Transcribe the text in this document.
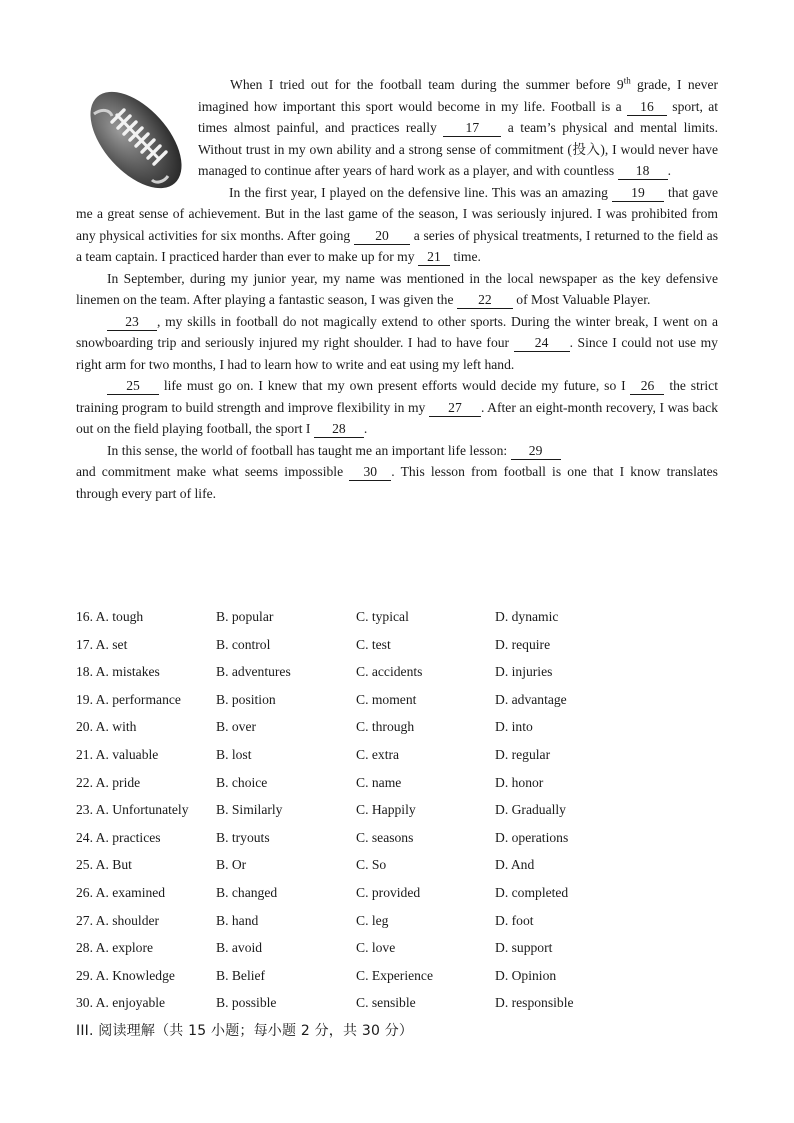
When I tried out for the football team during the summer before 9th grade, I never imagined how important this sport would become in my life. Football is a 16 sport, at times almost painful, and practices really 17 a team’s physical and mental limits. Without trust in my own ability and a strong sense of commitment (投入), I would never have managed to continue after years of hard work as a player, and with countless 18 .

In the first year, I played on the defensive line. This was an amazing 19 that gave me a great sense of achievement. But in the last game of the season, I was seriously injured. I was prohibited from any physical activities for six months. After going 20 a series of physical treatments, I returned to the field as a team captain. I practiced harder than ever to make up for my 21 time.

In September, during my junior year, my name was mentioned in the local newspaper as the key defensive linemen on the team. After playing a fantastic season, I was given the 22 of Most Valuable Player.

23 , my skills in football do not magically extend to other sports. During the winter break, I went on a snowboarding trip and seriously injured my right shoulder. I had to have four 24 . Since I could not use my right arm for two months, I had to learn how to write and eat using my left hand.

25 life must go on. I knew that my own present efforts would decide my future, so I 26 the strict training program to build strength and improve flexibility in my 27 . After an eight-month recovery, I was back out on the field playing football, the sport I 28 .

In this sense, the world of football has taught me an important life lesson: 29

and commitment make what seems impossible 30 . This lesson from football is one that I know translates through every part of life.

16. A. tough	B. popular	C. typical	D. dynamic
17. A. set	B. control	C. test	D. require
18. A. mistakes	B. adventures	C. accidents	D. injuries
19. A. performance	B. position	C. moment	D. advantage
20. A. with	B. over	C. through	D. into
21. A. valuable	B. lost	C. extra	D. regular
22. A. pride	B. choice	C. name	D. honor
23. A. Unfortunately B. Similarly	C. Happily	D. Gradually
24. A. practices	B. tryouts	C. seasons	D. operations
25. A. But	B. Or	C. So	D. And
26. A. examined	B. changed	C. provided	D. completed
27. A. shoulder	B. hand	C. leg	D. foot
28. A. explore	B. avoid	C. love	D. support
29. A. Knowledge	B. Belief	C. Experience	D. Opinion
30. A. enjoyable	B. possible	C. sensible	D. responsible
III. 阅读理解（共 15 小题；每小题 2 分，共 30 分）
